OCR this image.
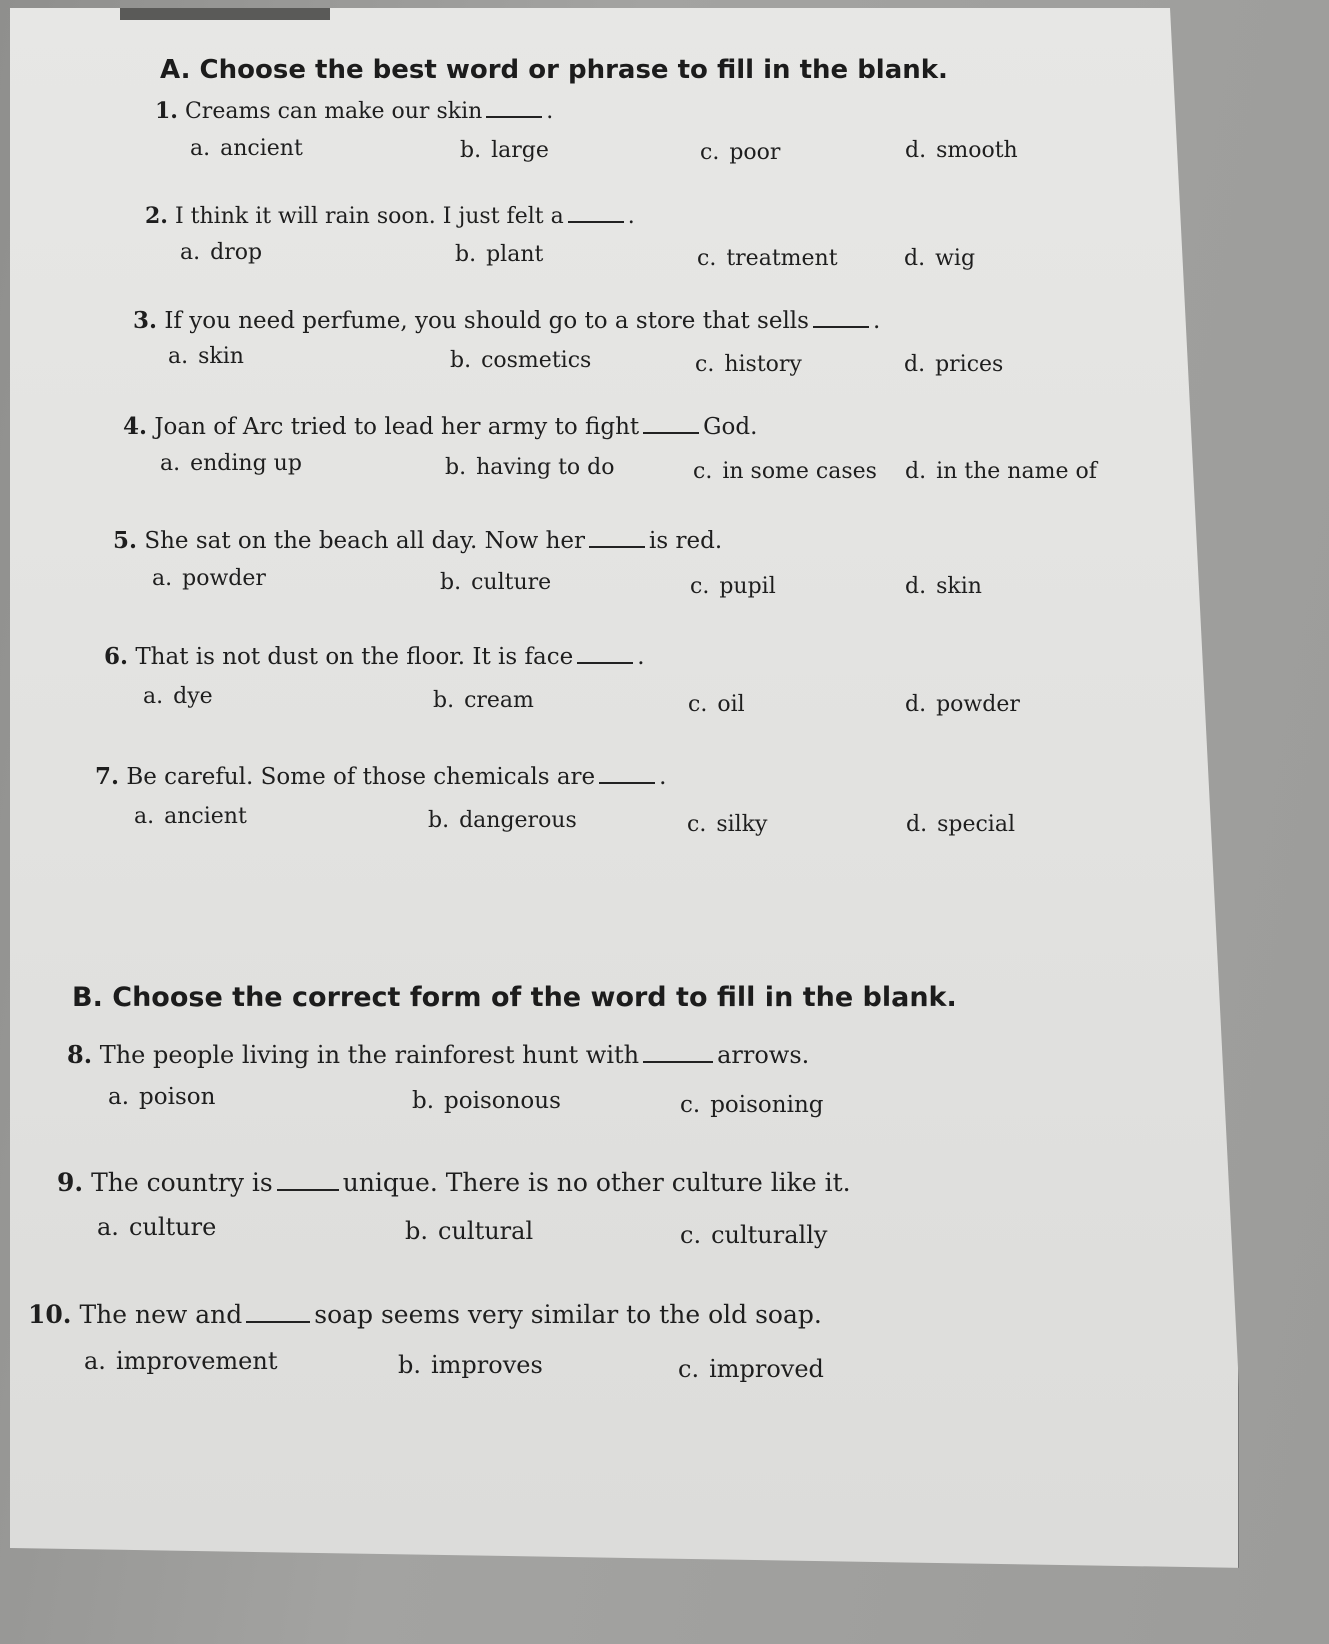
A. Choose the best word or phrase to fill in the blank.
1. Creams can make our skin	.
a. ancient	b. large	c. poor	d. smooth
2. I think it will rain soon. I just felt a	.
a. drop	b. plant	c. treatment	d. wig
3. If you need perfume, you should go to a store that sells	.
a. skin	b. cosmetics	c. history	d. prices
4. Joan of Arc tried to lead her army to fight	God.
a. ending up	b. having to do	c. in some cases d. in the name of
5. She sat on the beach all day. Now her	is red.
a. powder	b. culture	c. pupil	d. skin
6. That is not dust on the floor. It is face	.
a. dye	b. cream	c. oil	d. powder
7. Be careful. Some of those chemicals are	.
a. ancient	b. dangerous	c. silky	d. special
B. Choose the correct form of the word to fill in the blank.
8. The people living in the rainforest hunt with	arrows.
a. poison	b. poisonous	c. poisoning
9. The country is	unique. There is no other culture like it.
a. culture	b. cultural	c. culturally
10. The new and	soap seems very similar to the old soap.
a. improvement	b. improves	c. improved
